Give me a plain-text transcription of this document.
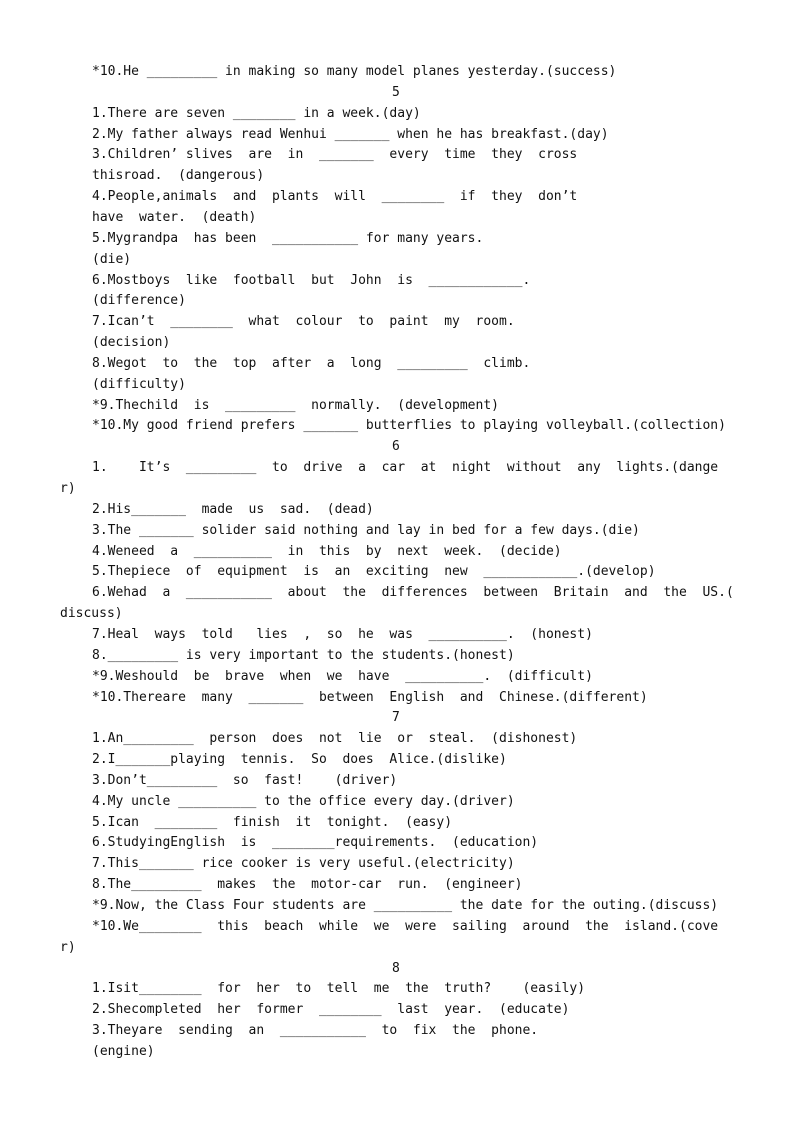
*10.He _________ in making so many model planes yesterday.(success)
5
1.There are seven ________ in a week.(day)
2.My father always read Wenhui _______ when he has breakfast.(day)
3.Children’ slives  are  in  _______  every  time  they  cross
thisroad.  (dangerous)
4.People,animals  and  plants  will  ________  if  they  don’t
have  water.  (death)
5.Mygrandpa  has been  ___________ for many years.
(die)
6.Mostboys  like  football  but  John  is  ____________.
(difference)
7.Ican’t  ________  what  colour  to  paint  my  room.
(decision)
8.Wegot  to  the  top  after  a  long  _________  climb.
(difficulty)
*9.Thechild  is  _________  normally.  (development)
*10.My good friend prefers _______ butterflies to playing volleyball.(collection)
6
1.    It’s  _________  to  drive  a  car  at  night  without  any  lights.(dange
r)
2.His_______  made  us  sad.  (dead)
3.The _______ solider said nothing and lay in bed for a few days.(die)
4.Weneed  a  __________  in  this  by  next  week.  (decide)
5.Thepiece  of  equipment  is  an  exciting  new  ____________.(develop)
6.Wehad  a  ___________  about  the  differences  between  Britain  and  the  US.(
discuss)
7.Heal  ways  told   lies  ,  so  he  was  __________.  (honest)
8._________ is very important to the students.(honest)
*9.Weshould  be  brave  when  we  have  __________.  (difficult)
*10.Thereare  many  _______  between  English  and  Chinese.(different)
7
1.An_________  person  does  not  lie  or  steal.  (dishonest)
2.I_______playing  tennis.  So  does  Alice.(dislike)
3.Don’t_________  so  fast!    (driver)
4.My uncle __________ to the office every day.(driver)
5.Ican  ________  finish  it  tonight.  (easy)
6.StudyingEnglish  is  ________requirements.  (education)
7.This_______ rice cooker is very useful.(electricity)
8.The_________  makes  the  motor-car  run.  (engineer)
*9.Now, the Class Four students are __________ the date for the outing.(discuss)
*10.We________  this  beach  while  we  were  sailing  around  the  island.(cove
r)
8
1.Isit________  for  her  to  tell  me  the  truth?    (easily)
2.Shecompleted  her  former  ________  last  year.  (educate)
3.Theyare  sending  an  ___________  to  fix  the  phone.
(engine)
